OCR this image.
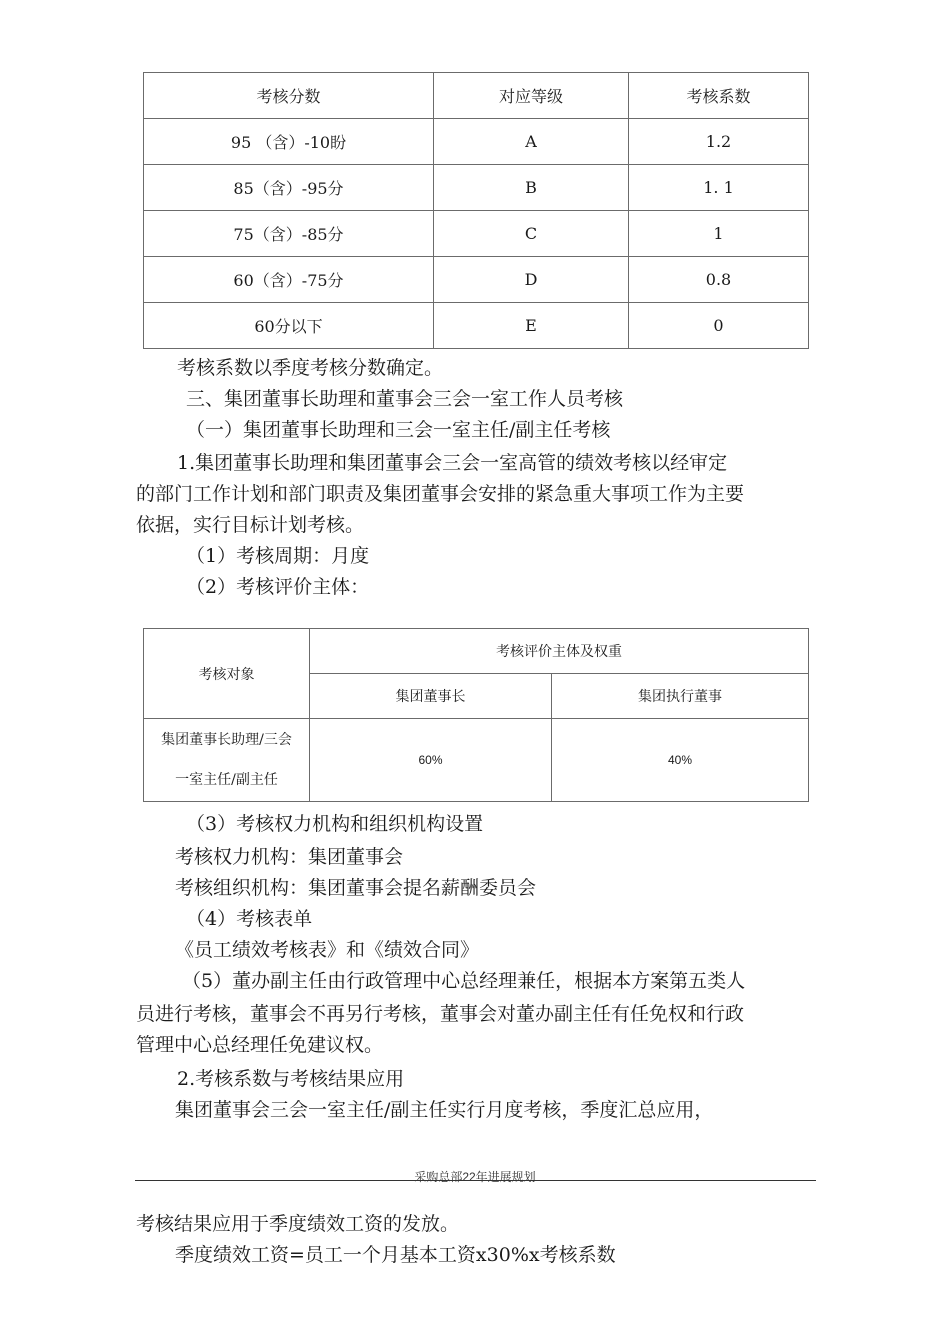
考核分数	对应等级	考核系数
95 （含）-10盼	A	1.2
85（含）-95分	B	1. 1
75（含）-85分	C	1
60（含）-75分	D	0.8
60分以下	E	0
考核系数以季度考核分数确定。
三、集团董事长助理和董事会三会一室工作人员考核
（一）集团董事长助理和三会一室主任/副主任考核
1.集团董事长助理和集团董事会三会一室高管的绩效考核以经审定
的部门工作计划和部门职责及集团董事会安排的紧急重大事项工作为主要
依据，实行目标计划考核。
（1）考核周期：月度
（2）考核评价主体：
考核对象	考核评价主体及权重	
	集团董事长	集团执行董事

集团董事长助理/三会
一室主任/副主任	60%	40%
（3）考核权力机构和组织机构设置
考核权力机构：集团董事会
考核组织机构：集团董事会提名薪酬委员会
（4）考核表单
《员工绩效考核表》和《绩效合同》
（5）董办副主任由行政管理中心总经理兼任，根据本方案第五类人
员进行考核，董事会不再另行考核，董事会对董办副主任有任免权和行政
管理中心总经理任免建议权。
2.考核系数与考核结果应用
集团董事会三会一室主任/副主任实行月度考核，季度汇总应用，
采购总部22年进展规划
考核结果应用于季度绩效工资的发放。
季度绩效工资=员工一个月基本工资x30%x考核系数
